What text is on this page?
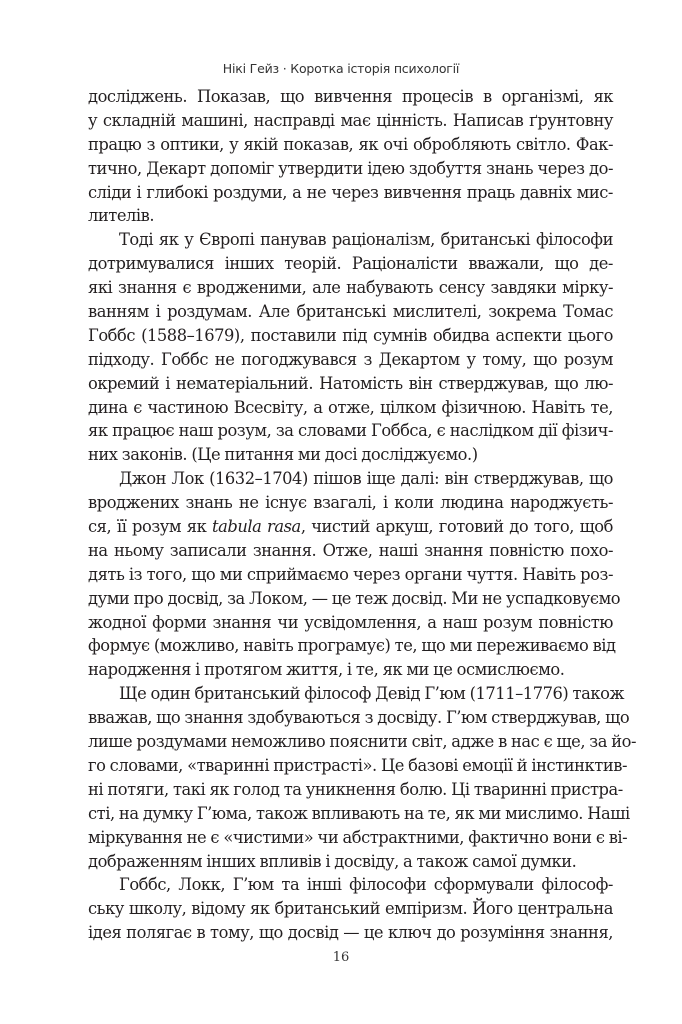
Нікі Гейз · Коротка історія психології
досліджень. Показав, що вивчення процесів в організмі, як
у складній машині, насправді має цінність. Написав ґрунтовну
працю з оптики, у якій показав, як очі обробляють світло. Фак-
тично, Декарт допоміг утвердити ідею здобуття знань через до-
сліди і глибокі роздуми, а не через вивчення праць давніх мис-
лителів.
Тоді як у Європі панував раціоналізм, британські філософи
дотримувалися інших теорій. Раціоналісти вважали, що де-
які знання є вродженими, але набувають сенсу завдяки мірку-
ванням і роздумам. Але британські мислителі, зокрема Томас
Гоббс (1588–1679), поставили під сумнів обидва аспекти цього
підходу. Гоббс не погоджувався з Декартом у тому, що розум
окремий і нематеріальний. Натомість він стверджував, що лю-
дина є частиною Всесвіту, а отже, цілком фізичною. Навіть те,
як працює наш розум, за словами Гоббса, є наслідком дії фізич-
них законів. (Це питання ми досі досліджуємо.)
Джон Лок (1632–1704) пішов іще далі: він стверджував, що
вроджених знань не існує взагалі, і коли людина народжуєть-
ся, її розум як tabula rasa, чистий аркуш, готовий до того, щоб
на ньому записали знання. Отже, наші знання повністю похо-
дять із того, що ми сприймаємо через органи чуття. Навіть роз-
думи про досвід, за Локом, — це теж досвід. Ми не успадковуємо
жодної форми знання чи усвідомлення, а наш розум повністю
формує (можливо, навіть програмує) те, що ми переживаємо від
народження і протягом життя, і те, як ми це осмислюємо.
Ще один британський філософ Девід Г’юм (1711–1776) також
вважав, що знання здобуваються з досвіду. Г’юм стверджував, що
лише роздумами неможливо пояснити світ, адже в нас є ще, за йо-
го словами, «тваринні пристрасті». Це базові емоції й інстинктив-
ні потяги, такі як голод та уникнення болю. Ці тваринні пристра-
сті, на думку Г’юма, також впливають на те, як ми мислимо. Наші
міркування не є «чистими» чи абстрактними, фактично вони є ві-
дображенням інших впливів і досвіду, а також самої думки.
Гоббс, Локк, Г’юм та інші філософи сформували філософ-
ську школу, відому як британський емпіризм. Його центральна
ідея полягає в тому, що досвід — це ключ до розуміння знання,
16
